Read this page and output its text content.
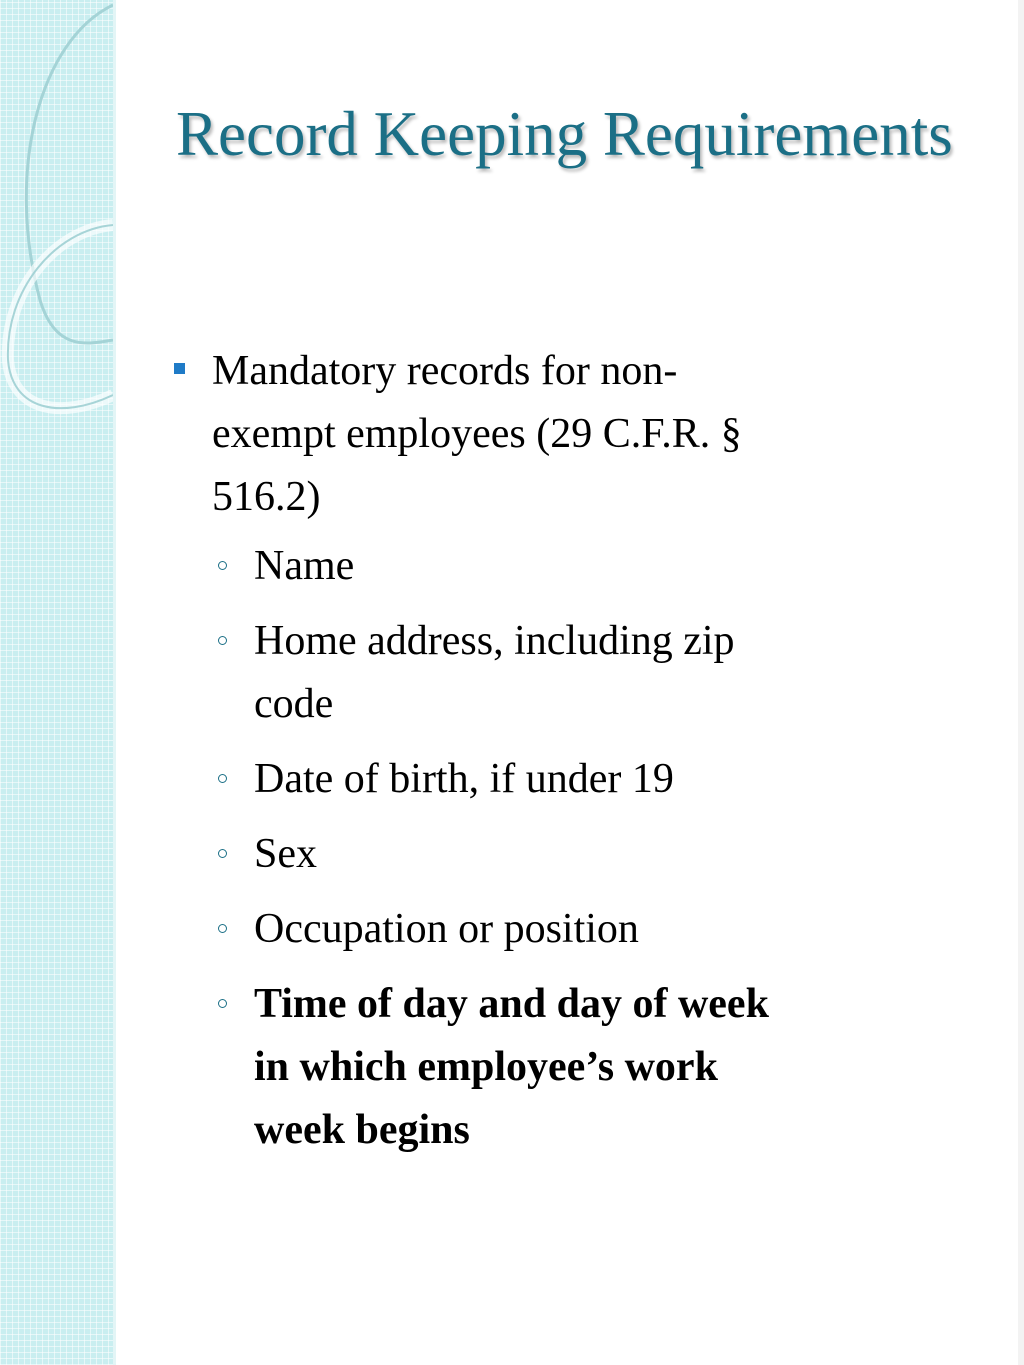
Record Keeping Requirements
Mandatory records for non-exempt employees (29 C.F.R. § 516.2)
Name
Home address, including zip code
Date of birth, if under 19
Sex
Occupation or position
Time of day and day of week in which employee’s work week begins
